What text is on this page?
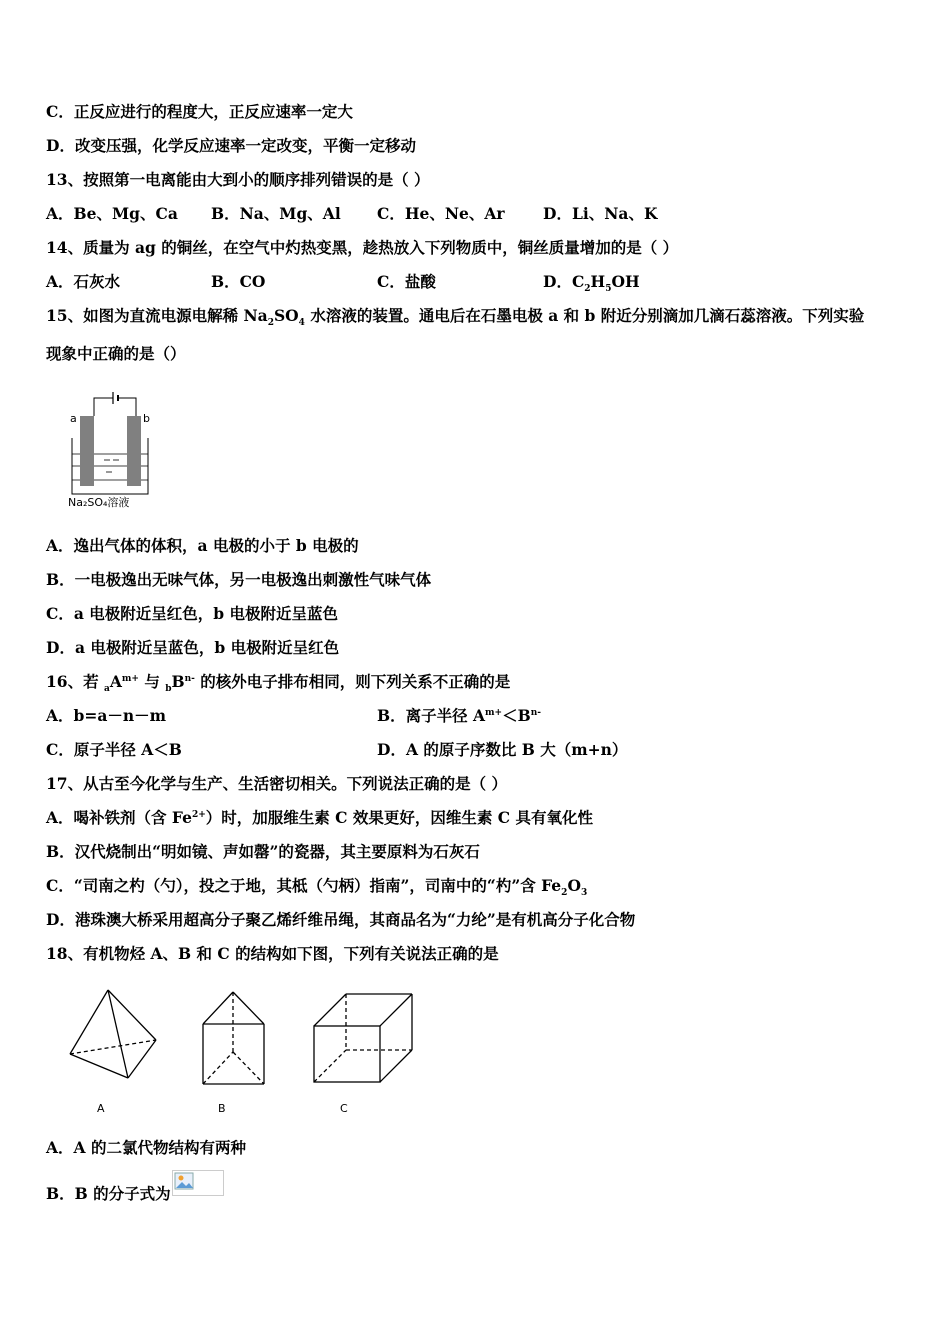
C．正反应进行的程度大，正反应速率一定大
D．改变压强，化学反应速率一定改变，平衡一定移动
13、按照第一电离能由大到小的顺序排列错误的是（ ）
A．Be、Mg、Ca B．Na、Mg、Al C．He、Ne、Ar D．Li、Na、K
14、质量为 ag 的铜丝，在空气中灼热变黑，趁热放入下列物质中，铜丝质量增加的是（ ）
A．石灰水	B．CO	C．盐酸	D．$C_2H_5OH$
15、如图为直流电源电解稀 $Na_2SO_4$ 水溶液的装置。通电后在石墨电极 a 和 b 附近分别滴加几滴石蕊溶液。下列实验
现象中正确的是（）
a	b
Na₂SO₄溶液
A．逸出气体的体积，a 电极的小于 b 电极的
B．一电极逸出无味气体，另一电极逸出刺激性气味气体
C．a 电极附近呈红色，b 电极附近呈蓝色
D．a 电极附近呈蓝色，b 电极附近呈红色
16、若 $_aA^{m+}$ 与 $_bB^{n-}$ 的核外电子排布相同，则下列关系不正确的是
A．b=a－n－m	B．离子半径 $A^{m+}<B^{n-}$
C．原子半径 A＜B	D．A 的原子序数比 B 大（m+n）
17、从古至今化学与生产、生活密切相关。下列说法正确的是（ ）
A．喝补铁剂（含 $Fe^{2+}$）时，加服维生素 C 效果更好，因维生素 C 具有氧化性
B．汉代烧制出“明如镜、声如罄”的瓷器，其主要原料为石灰石
C．“司南之杓（勺），投之于地，其柢（勺柄）指南”，司南中的“杓”含 $Fe_2O_3$
D．港珠澳大桥采用超高分子聚乙烯纤维吊绳，其商品名为“力纶”是有机高分子化合物
18、有机物烃 A、B 和 C 的结构如下图，下列有关说法正确的是
A	B	C
A．A 的二氯代物结构有两种
B．B 的分子式为
